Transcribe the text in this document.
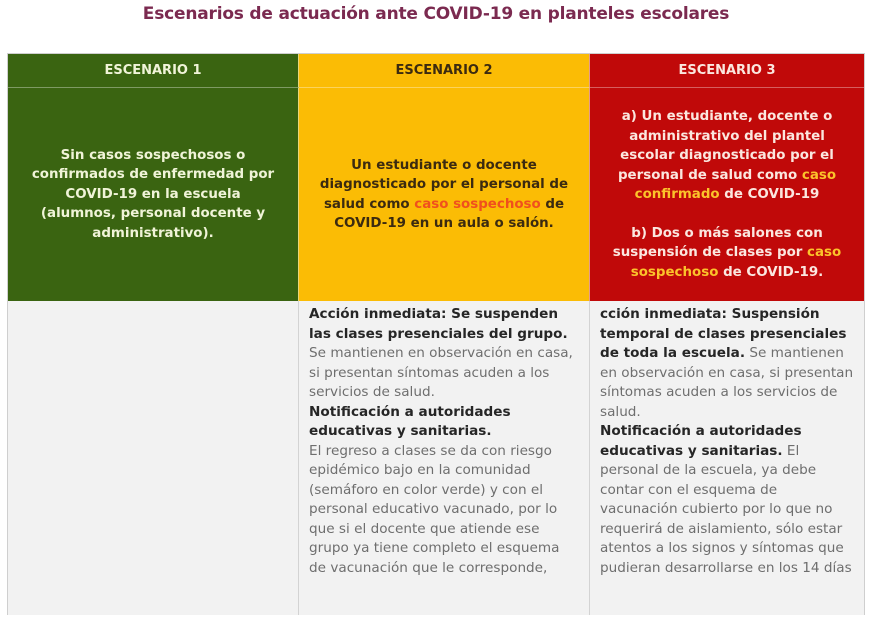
Escenarios de actuación ante COVID-19 en planteles escolares
ESCENARIO 1	ESCENARIO 2	ESCENARIO 3
Sin casos sospechosos o confirmados de enfermedad por COVID-19 en la escuela (alumnos, personal docente y administrativo).
Un estudiante o docente diagnosticado por el personal de salud como caso sospechoso de COVID-19 en un aula o salón.
a) Un estudiante, docente o administrativo del plantel escolar diagnosticado por el personal de salud como caso confirmado de COVID-19
b) Dos o más salones con suspensión de clases por caso sospechoso de COVID-19.
Acción inmediata: Se suspenden las clases presenciales del grupo. Se mantienen en observación en casa, si presentan síntomas acuden a los servicios de salud.
Notificación a autoridades educativas y sanitarias.
El regreso a clases se da con riesgo epidémico bajo en la comunidad (semáforo en color verde) y con el personal educativo vacunado, por lo que si el docente que atiende ese grupo ya tiene completo el esquema de vacunación que le corresponde,
cción inmediata: Suspensión temporal de clases presenciales de toda la escuela. Se mantienen en observación en casa, si presentan síntomas acuden a los servicios de salud.
Notificación a autoridades educativas y sanitarias. El personal de la escuela, ya debe contar con el esquema de vacunación cubierto por lo que no requerirá de aislamiento, sólo estar atentos a los signos y síntomas que pudieran desarrollarse en los 14 días
